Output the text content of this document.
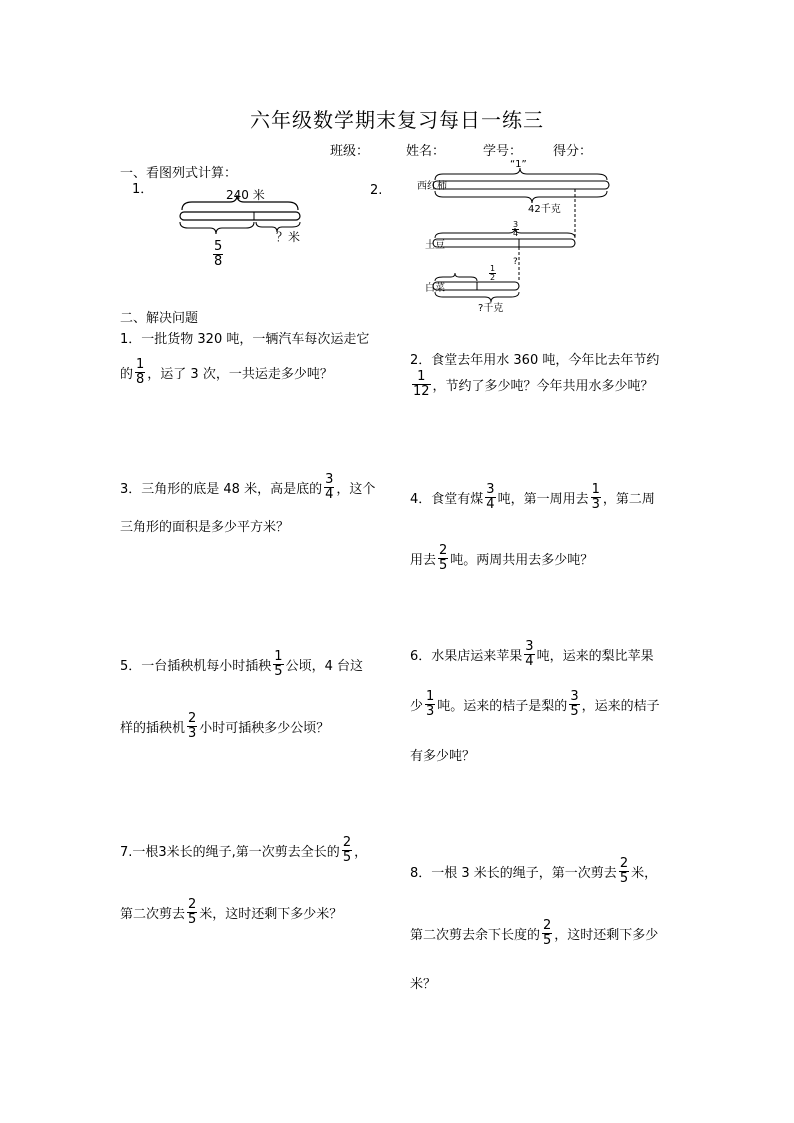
六年级数学期末复习每日一练三
班级：	姓名：	学号： 得分：
一、看图列式计算：
1．	240 米
$\frac{5}{8}$
？米
2.	西红柿
“1”
42千克
土豆
$\frac{3}{4}$
?
白菜
$\frac{1}{2}$
?千克
二、解决问题
1．一批货物 320 吨，一辆汽车每次运走它
的 $\frac{1}{8}$ ，运了 3 次，一共运走多少吨？
2．食堂去年用水 360 吨，今年比去年节约
$\frac{1}{12}$ ，节约了多少吨？今年共用水多少吨？
3．三角形的底是 48 米，高是底的 $\frac{3}{4}$ ，这个
三角形的面积是多少平方米？
4．食堂有煤 $\frac{3}{4}$ 吨，第一周用去 $\frac{1}{3}$ ，第二周
用去 $\frac{2}{5}$ 吨。两周共用去多少吨？
5．一台插秧机每小时插秧 $\frac{1}{5}$ 公顷，4 台这
样的插秧机 $\frac{2}{3}$ 小时可插秧多少公顷？
6．水果店运来苹果 $\frac{3}{4}$ 吨，运来的梨比苹果
少 $\frac{1}{3}$ 吨。运来的桔子是梨的 $\frac{3}{5}$ ，运来的桔子
有多少吨？
7.一根3米长的绳子,第一次剪去全长的 $\frac{2}{5}$ ，
第二次剪去 $\frac{2}{5}$ 米，这时还剩下多少米？
8．一根 3 米长的绳子，第一次剪去 $\frac{2}{5}$ 米，
第二次剪去余下长度的 $\frac{2}{5}$ ，这时还剩下多少
米？
